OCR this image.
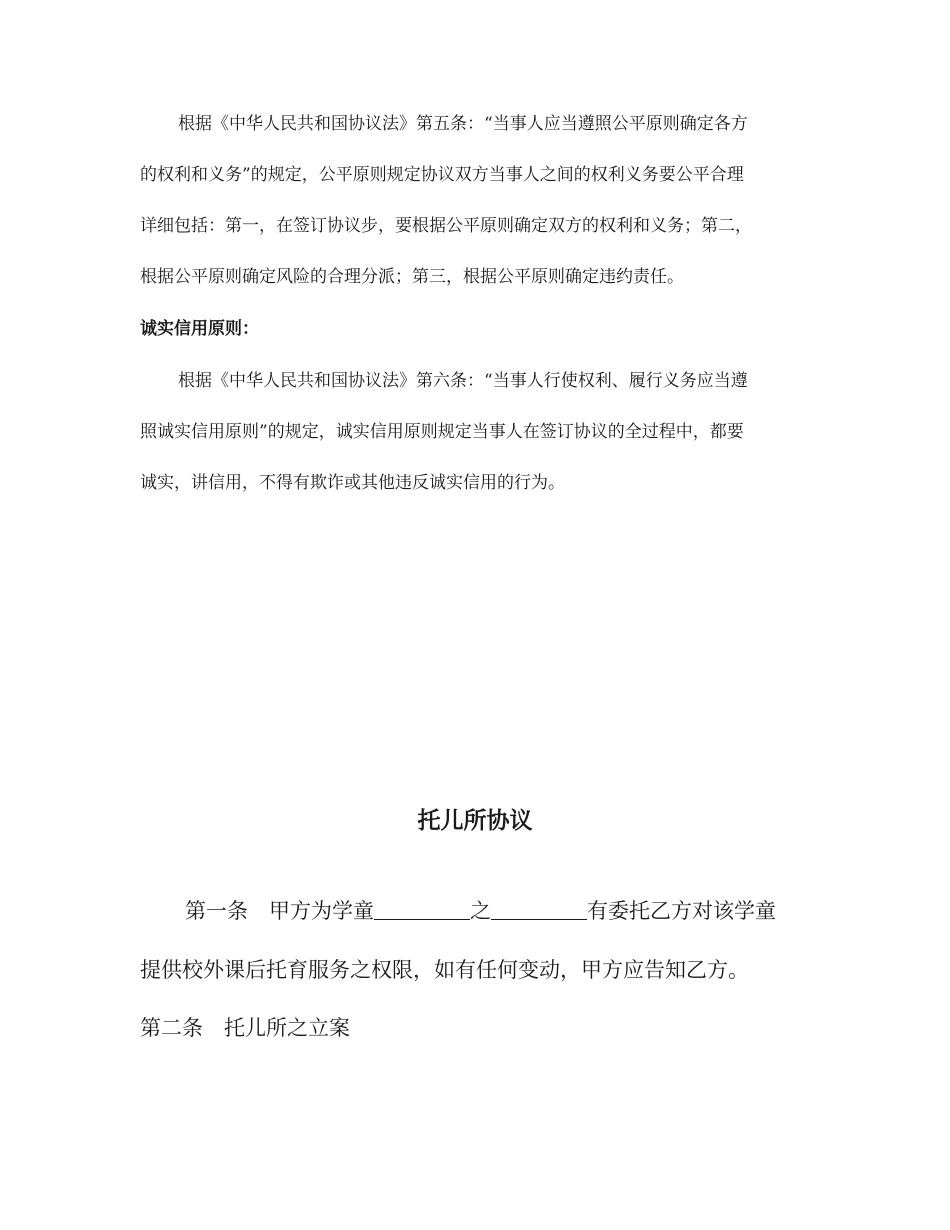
根据《中华人民共和国协议法》第五条：“当事人应当遵照公平原则确定各方
的权利和义务”的规定，公平原则规定协议双方当事人之间的权利义务要公平合理
详细包括：第一，在签订协议步，要根据公平原则确定双方的权利和义务；第二，
根据公平原则确定风险的合理分派；第三，根据公平原则确定违约责任。
诚实信用原则：
根据《中华人民共和国协议法》第六条：“当事人行使权利、履行义务应当遵
照诚实信用原则”的规定，诚实信用原则规定当事人在签订协议的全过程中，都要
诚实，讲信用，不得有欺诈或其他违反诚实信用的行为。
托儿所协议
第一条　甲方为学童	之	有委托乙方对该学童
提供校外课后托育服务之权限，如有任何变动，甲方应告知乙方。
第二条　托儿所之立案
